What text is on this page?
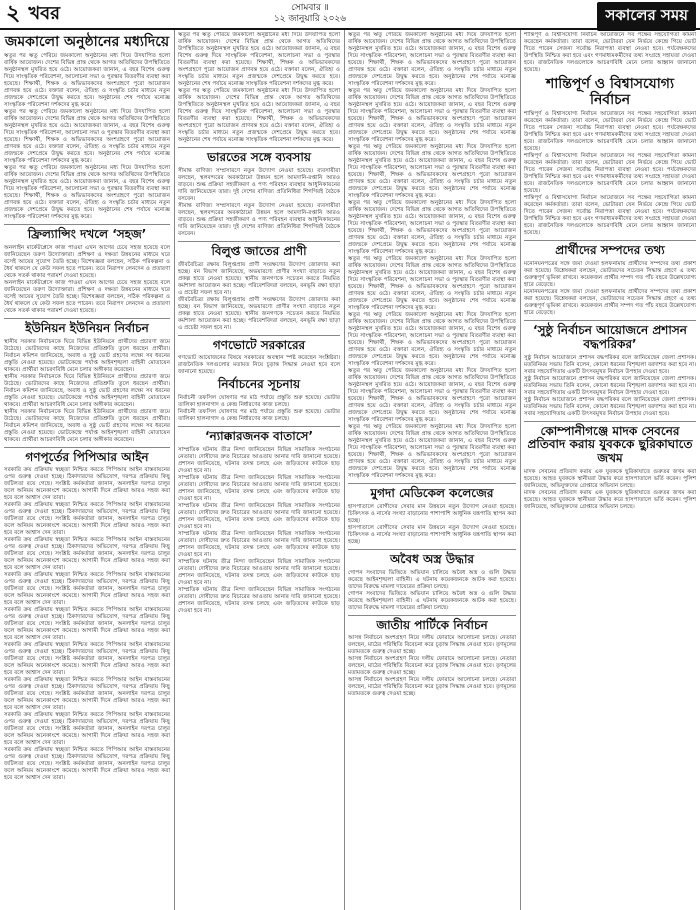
২ খবর	সোমবার ॥
১২ জানুয়ারি ২০২৬	সকালের সময়
জমকালো অনুষ্ঠানের মধ্যদিয়ে

ঋতুর পর ঋতু পেরিয়ে জমকালো অনুষ্ঠানের মধ্য দিয়ে উদযাপিত হলো বার্ষিক আয়োজন। দেশের বিভিন্ন প্রান্ত থেকে আগত অতিথিদের উপস্থিতিতে অনুষ্ঠানস্থল মুখরিত হয়ে ওঠে। আয়োজকরা জানান, এ বছর বিশেষ গুরুত্ব দিয়ে সাংস্কৃতিক পরিবেশনা, আলোচনা সভা ও পুরস্কার বিতরণীর ব্যবস্থা করা হয়েছে। শিক্ষার্থী, শিক্ষক ও অভিভাবকদের অংশগ্রহণে পুরো আয়োজন প্রাণবন্ত হয়ে ওঠে। বক্তারা বলেন, ঐতিহ্য ও সংস্কৃতি চর্চার মাধ্যমে নতুন প্রজন্মকে দেশপ্রেমে উদ্বুদ্ধ করতে হবে। অনুষ্ঠানের শেষ পর্যায়ে মনোজ্ঞ সাংস্কৃতিক পরিবেশনা দর্শকদের মুগ্ধ করে।

ঋতুর পর ঋতু পেরিয়ে জমকালো অনুষ্ঠানের মধ্য দিয়ে উদযাপিত হলো বার্ষিক আয়োজন। দেশের বিভিন্ন প্রান্ত থেকে আগত অতিথিদের উপস্থিতিতে অনুষ্ঠানস্থল মুখরিত হয়ে ওঠে। আয়োজকরা জানান, এ বছর বিশেষ গুরুত্ব দিয়ে সাংস্কৃতিক পরিবেশনা, আলোচনা সভা ও পুরস্কার বিতরণীর ব্যবস্থা করা হয়েছে। শিক্ষার্থী, শিক্ষক ও অভিভাবকদের অংশগ্রহণে পুরো আয়োজন প্রাণবন্ত হয়ে ওঠে। বক্তারা বলেন, ঐতিহ্য ও সংস্কৃতি চর্চার মাধ্যমে নতুন প্রজন্মকে দেশপ্রেমে উদ্বুদ্ধ করতে হবে। অনুষ্ঠানের শেষ পর্যায়ে মনোজ্ঞ সাংস্কৃতিক পরিবেশনা দর্শকদের মুগ্ধ করে।

ঋতুর পর ঋতু পেরিয়ে জমকালো অনুষ্ঠানের মধ্য দিয়ে উদযাপিত হলো বার্ষিক আয়োজন। দেশের বিভিন্ন প্রান্ত থেকে আগত অতিথিদের উপস্থিতিতে অনুষ্ঠানস্থল মুখরিত হয়ে ওঠে। আয়োজকরা জানান, এ বছর বিশেষ গুরুত্ব দিয়ে সাংস্কৃতিক পরিবেশনা, আলোচনা সভা ও পুরস্কার বিতরণীর ব্যবস্থা করা হয়েছে। শিক্ষার্থী, শিক্ষক ও অভিভাবকদের অংশগ্রহণে পুরো আয়োজন প্রাণবন্ত হয়ে ওঠে। বক্তারা বলেন, ঐতিহ্য ও সংস্কৃতি চর্চার মাধ্যমে নতুন প্রজন্মকে দেশপ্রেমে উদ্বুদ্ধ করতে হবে। অনুষ্ঠানের শেষ পর্যায়ে মনোজ্ঞ সাংস্কৃতিক পরিবেশনা দর্শকদের মুগ্ধ করে।

ফ্রিল্যান্সিং দখলে ‘সহজ’

অনলাইন মার্কেটপ্লেসে কাজ পাওয়া এখন আগের চেয়ে সহজ হয়েছে বলে জানিয়েছেন তরুণ উদ্যোক্তারা। প্রশিক্ষণ ও দক্ষতা উন্নয়নের মাধ্যমে ঘরে বসেই আয়ের সুযোগ তৈরি হচ্ছে। বিশেষজ্ঞরা বলছেন, সঠিক পরিকল্পনা ও ধৈর্য থাকলে যে কেউ সফল হতে পারেন। তবে নিরাপদ লেনদেন ও প্রতারণা থেকে সতর্ক থাকার পরামর্শ দেওয়া হয়েছে।

অনলাইন মার্কেটপ্লেসে কাজ পাওয়া এখন আগের চেয়ে সহজ হয়েছে বলে জানিয়েছেন তরুণ উদ্যোক্তারা। প্রশিক্ষণ ও দক্ষতা উন্নয়নের মাধ্যমে ঘরে বসেই আয়ের সুযোগ তৈরি হচ্ছে। বিশেষজ্ঞরা বলছেন, সঠিক পরিকল্পনা ও ধৈর্য থাকলে যে কেউ সফল হতে পারেন। তবে নিরাপদ লেনদেন ও প্রতারণা থেকে সতর্ক থাকার পরামর্শ দেওয়া হয়েছে।

ইউনিয়ন ইউনিয়ন নির্বাচন

স্থানীয় সরকার নির্বাচনকে ঘিরে বিভিন্ন ইউনিয়নে প্রার্থীদের প্রচারণা জমে উঠেছে। ভোটারদের কাছে নিজেদের প্রতিশ্রুতি তুলে ধরছেন প্রার্থীরা। নির্বাচন কমিশন জানিয়েছে, অবাধ ও সুষ্ঠু ভোট গ্রহণের লক্ষ্যে সব ধরনের প্রস্তুতি নেওয়া হয়েছে। ভোটকেন্দ্রে পর্যাপ্ত আইনশৃঙ্খলা বাহিনী মোতায়েন থাকবে। প্রার্থীরা আচরণবিধি মেনে চলার অঙ্গীকার করেছেন।

স্থানীয় সরকার নির্বাচনকে ঘিরে বিভিন্ন ইউনিয়নে প্রার্থীদের প্রচারণা জমে উঠেছে। ভোটারদের কাছে নিজেদের প্রতিশ্রুতি তুলে ধরছেন প্রার্থীরা। নির্বাচন কমিশন জানিয়েছে, অবাধ ও সুষ্ঠু ভোট গ্রহণের লক্ষ্যে সব ধরনের প্রস্তুতি নেওয়া হয়েছে। ভোটকেন্দ্রে পর্যাপ্ত আইনশৃঙ্খলা বাহিনী মোতায়েন থাকবে। প্রার্থীরা আচরণবিধি মেনে চলার অঙ্গীকার করেছেন।

স্থানীয় সরকার নির্বাচনকে ঘিরে বিভিন্ন ইউনিয়নে প্রার্থীদের প্রচারণা জমে উঠেছে। ভোটারদের কাছে নিজেদের প্রতিশ্রুতি তুলে ধরছেন প্রার্থীরা। নির্বাচন কমিশন জানিয়েছে, অবাধ ও সুষ্ঠু ভোট গ্রহণের লক্ষ্যে সব ধরনের প্রস্তুতি নেওয়া হয়েছে। ভোটকেন্দ্রে পর্যাপ্ত আইনশৃঙ্খলা বাহিনী মোতায়েন থাকবে। প্রার্থীরা আচরণবিধি মেনে চলার অঙ্গীকার করেছেন।

গণপূর্তের পিপিআর আইন

সরকারি ক্রয় প্রক্রিয়ায় স্বচ্ছতা নিশ্চিত করতে পিপিআর আইন বাস্তবায়নের ওপর গুরুত্ব দেওয়া হচ্ছে। ঠিকাদারদের অভিযোগ, দরপত্র প্রক্রিয়ায় কিছু জটিলতা রয়ে গেছে। সংশ্লিষ্ট কর্মকর্তারা জানান, অনলাইন দরপত্র চালুর ফলে অনিয়ম অনেকাংশে কমেছে। আগামী দিনে প্রক্রিয়া আরও সহজ করা হবে বলে আশ্বাস দেন তারা।

সরকারি ক্রয় প্রক্রিয়ায় স্বচ্ছতা নিশ্চিত করতে পিপিআর আইন বাস্তবায়নের ওপর গুরুত্ব দেওয়া হচ্ছে। ঠিকাদারদের অভিযোগ, দরপত্র প্রক্রিয়ায় কিছু জটিলতা রয়ে গেছে। সংশ্লিষ্ট কর্মকর্তারা জানান, অনলাইন দরপত্র চালুর ফলে অনিয়ম অনেকাংশে কমেছে। আগামী দিনে প্রক্রিয়া আরও সহজ করা হবে বলে আশ্বাস দেন তারা।

সরকারি ক্রয় প্রক্রিয়ায় স্বচ্ছতা নিশ্চিত করতে পিপিআর আইন বাস্তবায়নের ওপর গুরুত্ব দেওয়া হচ্ছে। ঠিকাদারদের অভিযোগ, দরপত্র প্রক্রিয়ায় কিছু জটিলতা রয়ে গেছে। সংশ্লিষ্ট কর্মকর্তারা জানান, অনলাইন দরপত্র চালুর ফলে অনিয়ম অনেকাংশে কমেছে। আগামী দিনে প্রক্রিয়া আরও সহজ করা হবে বলে আশ্বাস দেন তারা।

সরকারি ক্রয় প্রক্রিয়ায় স্বচ্ছতা নিশ্চিত করতে পিপিআর আইন বাস্তবায়নের ওপর গুরুত্ব দেওয়া হচ্ছে। ঠিকাদারদের অভিযোগ, দরপত্র প্রক্রিয়ায় কিছু জটিলতা রয়ে গেছে। সংশ্লিষ্ট কর্মকর্তারা জানান, অনলাইন দরপত্র চালুর ফলে অনিয়ম অনেকাংশে কমেছে। আগামী দিনে প্রক্রিয়া আরও সহজ করা হবে বলে আশ্বাস দেন তারা।

সরকারি ক্রয় প্রক্রিয়ায় স্বচ্ছতা নিশ্চিত করতে পিপিআর আইন বাস্তবায়নের ওপর গুরুত্ব দেওয়া হচ্ছে। ঠিকাদারদের অভিযোগ, দরপত্র প্রক্রিয়ায় কিছু জটিলতা রয়ে গেছে। সংশ্লিষ্ট কর্মকর্তারা জানান, অনলাইন দরপত্র চালুর ফলে অনিয়ম অনেকাংশে কমেছে। আগামী দিনে প্রক্রিয়া আরও সহজ করা হবে বলে আশ্বাস দেন তারা।

সরকারি ক্রয় প্রক্রিয়ায় স্বচ্ছতা নিশ্চিত করতে পিপিআর আইন বাস্তবায়নের ওপর গুরুত্ব দেওয়া হচ্ছে। ঠিকাদারদের অভিযোগ, দরপত্র প্রক্রিয়ায় কিছু জটিলতা রয়ে গেছে। সংশ্লিষ্ট কর্মকর্তারা জানান, অনলাইন দরপত্র চালুর ফলে অনিয়ম অনেকাংশে কমেছে। আগামী দিনে প্রক্রিয়া আরও সহজ করা হবে বলে আশ্বাস দেন তারা।

সরকারি ক্রয় প্রক্রিয়ায় স্বচ্ছতা নিশ্চিত করতে পিপিআর আইন বাস্তবায়নের ওপর গুরুত্ব দেওয়া হচ্ছে। ঠিকাদারদের অভিযোগ, দরপত্র প্রক্রিয়ায় কিছু জটিলতা রয়ে গেছে। সংশ্লিষ্ট কর্মকর্তারা জানান, অনলাইন দরপত্র চালুর ফলে অনিয়ম অনেকাংশে কমেছে। আগামী দিনে প্রক্রিয়া আরও সহজ করা হবে বলে আশ্বাস দেন তারা।

সরকারি ক্রয় প্রক্রিয়ায় স্বচ্ছতা নিশ্চিত করতে পিপিআর আইন বাস্তবায়নের ওপর গুরুত্ব দেওয়া হচ্ছে। ঠিকাদারদের অভিযোগ, দরপত্র প্রক্রিয়ায় কিছু জটিলতা রয়ে গেছে। সংশ্লিষ্ট কর্মকর্তারা জানান, অনলাইন দরপত্র চালুর ফলে অনিয়ম অনেকাংশে কমেছে। আগামী দিনে প্রক্রিয়া আরও সহজ করা হবে বলে আশ্বাস দেন তারা।

সরকারি ক্রয় প্রক্রিয়ায় স্বচ্ছতা নিশ্চিত করতে পিপিআর আইন বাস্তবায়নের ওপর গুরুত্ব দেওয়া হচ্ছে। ঠিকাদারদের অভিযোগ, দরপত্র প্রক্রিয়ায় কিছু জটিলতা রয়ে গেছে। সংশ্লিষ্ট কর্মকর্তারা জানান, অনলাইন দরপত্র চালুর ফলে অনিয়ম অনেকাংশে কমেছে। আগামী দিনে প্রক্রিয়া আরও সহজ করা হবে বলে আশ্বাস দেন তারা।

ঋতুর পর ঋতু পেরিয়ে জমকালো অনুষ্ঠানের মধ্য দিয়ে উদযাপিত হলো বার্ষিক আয়োজন। দেশের বিভিন্ন প্রান্ত থেকে আগত অতিথিদের উপস্থিতিতে অনুষ্ঠানস্থল মুখরিত হয়ে ওঠে। আয়োজকরা জানান, এ বছর বিশেষ গুরুত্ব দিয়ে সাংস্কৃতিক পরিবেশনা, আলোচনা সভা ও পুরস্কার বিতরণীর ব্যবস্থা করা হয়েছে। শিক্ষার্থী, শিক্ষক ও অভিভাবকদের অংশগ্রহণে পুরো আয়োজন প্রাণবন্ত হয়ে ওঠে। বক্তারা বলেন, ঐতিহ্য ও সংস্কৃতি চর্চার মাধ্যমে নতুন প্রজন্মকে দেশপ্রেমে উদ্বুদ্ধ করতে হবে। অনুষ্ঠানের শেষ পর্যায়ে মনোজ্ঞ সাংস্কৃতিক পরিবেশনা দর্শকদের মুগ্ধ করে।

ঋতুর পর ঋতু পেরিয়ে জমকালো অনুষ্ঠানের মধ্য দিয়ে উদযাপিত হলো বার্ষিক আয়োজন। দেশের বিভিন্ন প্রান্ত থেকে আগত অতিথিদের উপস্থিতিতে অনুষ্ঠানস্থল মুখরিত হয়ে ওঠে। আয়োজকরা জানান, এ বছর বিশেষ গুরুত্ব দিয়ে সাংস্কৃতিক পরিবেশনা, আলোচনা সভা ও পুরস্কার বিতরণীর ব্যবস্থা করা হয়েছে। শিক্ষার্থী, শিক্ষক ও অভিভাবকদের অংশগ্রহণে পুরো আয়োজন প্রাণবন্ত হয়ে ওঠে। বক্তারা বলেন, ঐতিহ্য ও সংস্কৃতি চর্চার মাধ্যমে নতুন প্রজন্মকে দেশপ্রেমে উদ্বুদ্ধ করতে হবে। অনুষ্ঠানের শেষ পর্যায়ে মনোজ্ঞ সাংস্কৃতিক পরিবেশনা দর্শকদের মুগ্ধ করে।

ভারতের সঙ্গে ব্যবসায়

সীমান্ত বাণিজ্য সম্প্রসারণে নতুন উদ্যোগ নেওয়া হয়েছে। ব্যবসায়ীরা বলছেন, স্থলবন্দরের অবকাঠামো উন্নয়ন হলে আমদানি-রপ্তানি আরও বাড়বে। শুল্ক প্রক্রিয়া সহজীকরণ ও পণ্য পরিবহন ব্যবস্থার আধুনিকায়নের দাবি জানিয়েছেন তারা। দুই দেশের বাণিজ্য প্রতিনিধিরা শিগগিরই বৈঠকে বসবেন।

সীমান্ত বাণিজ্য সম্প্রসারণে নতুন উদ্যোগ নেওয়া হয়েছে। ব্যবসায়ীরা বলছেন, স্থলবন্দরের অবকাঠামো উন্নয়ন হলে আমদানি-রপ্তানি আরও বাড়বে। শুল্ক প্রক্রিয়া সহজীকরণ ও পণ্য পরিবহন ব্যবস্থার আধুনিকায়নের দাবি জানিয়েছেন তারা। দুই দেশের বাণিজ্য প্রতিনিধিরা শিগগিরই বৈঠকে বসবেন।

বিলুপ্ত জাতের প্রাণী

জীববৈচিত্র্য রক্ষায় বিলুপ্তপ্রায় প্রাণী সংরক্ষণের উদ্যোগ জোরদার করা হচ্ছে। বন বিভাগ জানিয়েছে, অভয়ারণ্যে প্রাণীর সংখ্যা বাড়াতে নতুন প্রকল্প হাতে নেওয়া হয়েছে। স্থানীয় জনগণকে সচেতন করতে নিয়মিত কর্মশালা আয়োজন করা হচ্ছে। পরিবেশবিদরা বলছেন, বনভূমি রক্ষা ছাড়া এ প্রচেষ্টা সফল হবে না।

জীববৈচিত্র্য রক্ষায় বিলুপ্তপ্রায় প্রাণী সংরক্ষণের উদ্যোগ জোরদার করা হচ্ছে। বন বিভাগ জানিয়েছে, অভয়ারণ্যে প্রাণীর সংখ্যা বাড়াতে নতুন প্রকল্প হাতে নেওয়া হয়েছে। স্থানীয় জনগণকে সচেতন করতে নিয়মিত কর্মশালা আয়োজন করা হচ্ছে। পরিবেশবিদরা বলছেন, বনভূমি রক্ষা ছাড়া এ প্রচেষ্টা সফল হবে না।

গণভোটে সরকারের

গণভোট আয়োজনের বিষয়ে সরকারের অবস্থান স্পষ্ট করেছেন সংশ্লিষ্টরা। রাজনৈতিক দলগুলোর মতামত নিয়ে চূড়ান্ত সিদ্ধান্ত নেওয়া হবে বলে জানানো হয়েছে।

নির্বাচনের সূচনায়

নির্বাচনী তফসিল ঘোষণার পর মাঠ পর্যায়ে প্রস্তুতি শুরু হয়েছে। ভোটার তালিকা হালনাগাদ ও কেন্দ্র নির্ধারণের কাজ চলছে।

নির্বাচনী তফসিল ঘোষণার পর মাঠ পর্যায়ে প্রস্তুতি শুরু হয়েছে। ভোটার তালিকা হালনাগাদ ও কেন্দ্র নির্ধারণের কাজ চলছে।

‘ন্যাক্কারজনক বাতাসে’

সাম্প্রতিক ঘটনায় তীব্র নিন্দা জানিয়েছেন বিভিন্ন সামাজিক সংগঠনের নেতারা। দোষীদের দ্রুত বিচারের আওতায় আনার দাবি জানানো হয়েছে। প্রশাসন জানিয়েছে, ঘটনার তদন্ত চলছে এবং জড়িতদের কাউকে ছাড় দেওয়া হবে না।

সাম্প্রতিক ঘটনায় তীব্র নিন্দা জানিয়েছেন বিভিন্ন সামাজিক সংগঠনের নেতারা। দোষীদের দ্রুত বিচারের আওতায় আনার দাবি জানানো হয়েছে। প্রশাসন জানিয়েছে, ঘটনার তদন্ত চলছে এবং জড়িতদের কাউকে ছাড় দেওয়া হবে না।

সাম্প্রতিক ঘটনায় তীব্র নিন্দা জানিয়েছেন বিভিন্ন সামাজিক সংগঠনের নেতারা। দোষীদের দ্রুত বিচারের আওতায় আনার দাবি জানানো হয়েছে। প্রশাসন জানিয়েছে, ঘটনার তদন্ত চলছে এবং জড়িতদের কাউকে ছাড় দেওয়া হবে না।

সাম্প্রতিক ঘটনায় তীব্র নিন্দা জানিয়েছেন বিভিন্ন সামাজিক সংগঠনের নেতারা। দোষীদের দ্রুত বিচারের আওতায় আনার দাবি জানানো হয়েছে। প্রশাসন জানিয়েছে, ঘটনার তদন্ত চলছে এবং জড়িতদের কাউকে ছাড় দেওয়া হবে না।

সাম্প্রতিক ঘটনায় তীব্র নিন্দা জানিয়েছেন বিভিন্ন সামাজিক সংগঠনের নেতারা। দোষীদের দ্রুত বিচারের আওতায় আনার দাবি জানানো হয়েছে। প্রশাসন জানিয়েছে, ঘটনার তদন্ত চলছে এবং জড়িতদের কাউকে ছাড় দেওয়া হবে না।

সাম্প্রতিক ঘটনায় তীব্র নিন্দা জানিয়েছেন বিভিন্ন সামাজিক সংগঠনের নেতারা। দোষীদের দ্রুত বিচারের আওতায় আনার দাবি জানানো হয়েছে। প্রশাসন জানিয়েছে, ঘটনার তদন্ত চলছে এবং জড়িতদের কাউকে ছাড় দেওয়া হবে না।

ঋতুর পর ঋতু পেরিয়ে জমকালো অনুষ্ঠানের মধ্য দিয়ে উদযাপিত হলো বার্ষিক আয়োজন। দেশের বিভিন্ন প্রান্ত থেকে আগত অতিথিদের উপস্থিতিতে অনুষ্ঠানস্থল মুখরিত হয়ে ওঠে। আয়োজকরা জানান, এ বছর বিশেষ গুরুত্ব দিয়ে সাংস্কৃতিক পরিবেশনা, আলোচনা সভা ও পুরস্কার বিতরণীর ব্যবস্থা করা হয়েছে। শিক্ষার্থী, শিক্ষক ও অভিভাবকদের অংশগ্রহণে পুরো আয়োজন প্রাণবন্ত হয়ে ওঠে। বক্তারা বলেন, ঐতিহ্য ও সংস্কৃতি চর্চার মাধ্যমে নতুন প্রজন্মকে দেশপ্রেমে উদ্বুদ্ধ করতে হবে। অনুষ্ঠানের শেষ পর্যায়ে মনোজ্ঞ সাংস্কৃতিক পরিবেশনা দর্শকদের মুগ্ধ করে।

ঋতুর পর ঋতু পেরিয়ে জমকালো অনুষ্ঠানের মধ্য দিয়ে উদযাপিত হলো বার্ষিক আয়োজন। দেশের বিভিন্ন প্রান্ত থেকে আগত অতিথিদের উপস্থিতিতে অনুষ্ঠানস্থল মুখরিত হয়ে ওঠে। আয়োজকরা জানান, এ বছর বিশেষ গুরুত্ব দিয়ে সাংস্কৃতিক পরিবেশনা, আলোচনা সভা ও পুরস্কার বিতরণীর ব্যবস্থা করা হয়েছে। শিক্ষার্থী, শিক্ষক ও অভিভাবকদের অংশগ্রহণে পুরো আয়োজন প্রাণবন্ত হয়ে ওঠে। বক্তারা বলেন, ঐতিহ্য ও সংস্কৃতি চর্চার মাধ্যমে নতুন প্রজন্মকে দেশপ্রেমে উদ্বুদ্ধ করতে হবে। অনুষ্ঠানের শেষ পর্যায়ে মনোজ্ঞ সাংস্কৃতিক পরিবেশনা দর্শকদের মুগ্ধ করে।

ঋতুর পর ঋতু পেরিয়ে জমকালো অনুষ্ঠানের মধ্য দিয়ে উদযাপিত হলো বার্ষিক আয়োজন। দেশের বিভিন্ন প্রান্ত থেকে আগত অতিথিদের উপস্থিতিতে অনুষ্ঠানস্থল মুখরিত হয়ে ওঠে। আয়োজকরা জানান, এ বছর বিশেষ গুরুত্ব দিয়ে সাংস্কৃতিক পরিবেশনা, আলোচনা সভা ও পুরস্কার বিতরণীর ব্যবস্থা করা হয়েছে। শিক্ষার্থী, শিক্ষক ও অভিভাবকদের অংশগ্রহণে পুরো আয়োজন প্রাণবন্ত হয়ে ওঠে। বক্তারা বলেন, ঐতিহ্য ও সংস্কৃতি চর্চার মাধ্যমে নতুন প্রজন্মকে দেশপ্রেমে উদ্বুদ্ধ করতে হবে। অনুষ্ঠানের শেষ পর্যায়ে মনোজ্ঞ সাংস্কৃতিক পরিবেশনা দর্শকদের মুগ্ধ করে।

ঋতুর পর ঋতু পেরিয়ে জমকালো অনুষ্ঠানের মধ্য দিয়ে উদযাপিত হলো বার্ষিক আয়োজন। দেশের বিভিন্ন প্রান্ত থেকে আগত অতিথিদের উপস্থিতিতে অনুষ্ঠানস্থল মুখরিত হয়ে ওঠে। আয়োজকরা জানান, এ বছর বিশেষ গুরুত্ব দিয়ে সাংস্কৃতিক পরিবেশনা, আলোচনা সভা ও পুরস্কার বিতরণীর ব্যবস্থা করা হয়েছে। শিক্ষার্থী, শিক্ষক ও অভিভাবকদের অংশগ্রহণে পুরো আয়োজন প্রাণবন্ত হয়ে ওঠে। বক্তারা বলেন, ঐতিহ্য ও সংস্কৃতি চর্চার মাধ্যমে নতুন প্রজন্মকে দেশপ্রেমে উদ্বুদ্ধ করতে হবে। অনুষ্ঠানের শেষ পর্যায়ে মনোজ্ঞ সাংস্কৃতিক পরিবেশনা দর্শকদের মুগ্ধ করে।

ঋতুর পর ঋতু পেরিয়ে জমকালো অনুষ্ঠানের মধ্য দিয়ে উদযাপিত হলো বার্ষিক আয়োজন। দেশের বিভিন্ন প্রান্ত থেকে আগত অতিথিদের উপস্থিতিতে অনুষ্ঠানস্থল মুখরিত হয়ে ওঠে। আয়োজকরা জানান, এ বছর বিশেষ গুরুত্ব দিয়ে সাংস্কৃতিক পরিবেশনা, আলোচনা সভা ও পুরস্কার বিতরণীর ব্যবস্থা করা হয়েছে। শিক্ষার্থী, শিক্ষক ও অভিভাবকদের অংশগ্রহণে পুরো আয়োজন প্রাণবন্ত হয়ে ওঠে। বক্তারা বলেন, ঐতিহ্য ও সংস্কৃতি চর্চার মাধ্যমে নতুন প্রজন্মকে দেশপ্রেমে উদ্বুদ্ধ করতে হবে। অনুষ্ঠানের শেষ পর্যায়ে মনোজ্ঞ সাংস্কৃতিক পরিবেশনা দর্শকদের মুগ্ধ করে।

ঋতুর পর ঋতু পেরিয়ে জমকালো অনুষ্ঠানের মধ্য দিয়ে উদযাপিত হলো বার্ষিক আয়োজন। দেশের বিভিন্ন প্রান্ত থেকে আগত অতিথিদের উপস্থিতিতে অনুষ্ঠানস্থল মুখরিত হয়ে ওঠে। আয়োজকরা জানান, এ বছর বিশেষ গুরুত্ব দিয়ে সাংস্কৃতিক পরিবেশনা, আলোচনা সভা ও পুরস্কার বিতরণীর ব্যবস্থা করা হয়েছে। শিক্ষার্থী, শিক্ষক ও অভিভাবকদের অংশগ্রহণে পুরো আয়োজন প্রাণবন্ত হয়ে ওঠে। বক্তারা বলেন, ঐতিহ্য ও সংস্কৃতি চর্চার মাধ্যমে নতুন প্রজন্মকে দেশপ্রেমে উদ্বুদ্ধ করতে হবে। অনুষ্ঠানের শেষ পর্যায়ে মনোজ্ঞ সাংস্কৃতিক পরিবেশনা দর্শকদের মুগ্ধ করে।

ঋতুর পর ঋতু পেরিয়ে জমকালো অনুষ্ঠানের মধ্য দিয়ে উদযাপিত হলো বার্ষিক আয়োজন। দেশের বিভিন্ন প্রান্ত থেকে আগত অতিথিদের উপস্থিতিতে অনুষ্ঠানস্থল মুখরিত হয়ে ওঠে। আয়োজকরা জানান, এ বছর বিশেষ গুরুত্ব দিয়ে সাংস্কৃতিক পরিবেশনা, আলোচনা সভা ও পুরস্কার বিতরণীর ব্যবস্থা করা হয়েছে। শিক্ষার্থী, শিক্ষক ও অভিভাবকদের অংশগ্রহণে পুরো আয়োজন প্রাণবন্ত হয়ে ওঠে। বক্তারা বলেন, ঐতিহ্য ও সংস্কৃতি চর্চার মাধ্যমে নতুন প্রজন্মকে দেশপ্রেমে উদ্বুদ্ধ করতে হবে। অনুষ্ঠানের শেষ পর্যায়ে মনোজ্ঞ সাংস্কৃতিক পরিবেশনা দর্শকদের মুগ্ধ করে।

ঋতুর পর ঋতু পেরিয়ে জমকালো অনুষ্ঠানের মধ্য দিয়ে উদযাপিত হলো বার্ষিক আয়োজন। দেশের বিভিন্ন প্রান্ত থেকে আগত অতিথিদের উপস্থিতিতে অনুষ্ঠানস্থল মুখরিত হয়ে ওঠে। আয়োজকরা জানান, এ বছর বিশেষ গুরুত্ব দিয়ে সাংস্কৃতিক পরিবেশনা, আলোচনা সভা ও পুরস্কার বিতরণীর ব্যবস্থা করা হয়েছে। শিক্ষার্থী, শিক্ষক ও অভিভাবকদের অংশগ্রহণে পুরো আয়োজন প্রাণবন্ত হয়ে ওঠে। বক্তারা বলেন, ঐতিহ্য ও সংস্কৃতি চর্চার মাধ্যমে নতুন প্রজন্মকে দেশপ্রেমে উদ্বুদ্ধ করতে হবে। অনুষ্ঠানের শেষ পর্যায়ে মনোজ্ঞ সাংস্কৃতিক পরিবেশনা দর্শকদের মুগ্ধ করে।

মুগদা মেডিকেল কলেজের

হাসপাতালে রোগীদের সেবার মান উন্নয়নে নতুন উদ্যোগ নেওয়া হয়েছে। চিকিৎসক ও নার্সের সংখ্যা বাড়ানোর পাশাপাশি আধুনিক যন্ত্রপাতি স্থাপন করা হচ্ছে।

হাসপাতালে রোগীদের সেবার মান উন্নয়নে নতুন উদ্যোগ নেওয়া হয়েছে। চিকিৎসক ও নার্সের সংখ্যা বাড়ানোর পাশাপাশি আধুনিক যন্ত্রপাতি স্থাপন করা হচ্ছে।

অবৈধ অস্ত্র উদ্ধার

গোপন সংবাদের ভিত্তিতে অভিযান চালিয়ে অবৈধ অস্ত্র ও গুলি উদ্ধার করেছে আইনশৃঙ্খলা বাহিনী। এ ঘটনায় কয়েকজনকে আটক করা হয়েছে। তাদের বিরুদ্ধে মামলা দায়েরের প্রক্রিয়া চলছে।

গোপন সংবাদের ভিত্তিতে অভিযান চালিয়ে অবৈধ অস্ত্র ও গুলি উদ্ধার করেছে আইনশৃঙ্খলা বাহিনী। এ ঘটনায় কয়েকজনকে আটক করা হয়েছে। তাদের বিরুদ্ধে মামলা দায়েরের প্রক্রিয়া চলছে।

জাতীয় পার্টিকে নির্বাচন

আসন্ন নির্বাচনে অংশগ্রহণ নিয়ে দলীয় ফোরামে আলোচনা চলছে। নেতারা বলছেন, মাঠের পরিস্থিতি বিবেচনা করে চূড়ান্ত সিদ্ধান্ত নেওয়া হবে। তৃণমূলের মতামতকে গুরুত্ব দেওয়া হচ্ছে।

আসন্ন নির্বাচনে অংশগ্রহণ নিয়ে দলীয় ফোরামে আলোচনা চলছে। নেতারা বলছেন, মাঠের পরিস্থিতি বিবেচনা করে চূড়ান্ত সিদ্ধান্ত নেওয়া হবে। তৃণমূলের মতামতকে গুরুত্ব দেওয়া হচ্ছে।

আসন্ন নির্বাচনে অংশগ্রহণ নিয়ে দলীয় ফোরামে আলোচনা চলছে। নেতারা বলছেন, মাঠের পরিস্থিতি বিবেচনা করে চূড়ান্ত সিদ্ধান্ত নেওয়া হবে। তৃণমূলের মতামতকে গুরুত্ব দেওয়া হচ্ছে।

শান্তিপূর্ণ ও বিশ্বাসযোগ্য নির্বাচন আয়োজনে সব পক্ষের সহযোগিতা কামনা করেছেন কর্মকর্তারা। তারা বলেন, ভোটাররা যেন নির্ভয়ে কেন্দ্রে গিয়ে ভোট দিতে পারেন সেজন্য সর্বোচ্চ নিরাপত্তা ব্যবস্থা নেওয়া হবে। পর্যবেক্ষকদের উপস্থিতি নিশ্চিত করা হবে এবং গণমাধ্যমকর্মীদের তথ্য সংগ্রহে সহায়তা দেওয়া হবে। রাজনৈতিক দলগুলোকে আচরণবিধি মেনে চলার আহ্বান জানানো হয়েছে।

শান্তিপূর্ণ ও বিশ্বাসযোগ্য নির্বাচন

শান্তিপূর্ণ ও বিশ্বাসযোগ্য নির্বাচন আয়োজনে সব পক্ষের সহযোগিতা কামনা করেছেন কর্মকর্তারা। তারা বলেন, ভোটাররা যেন নির্ভয়ে কেন্দ্রে গিয়ে ভোট দিতে পারেন সেজন্য সর্বোচ্চ নিরাপত্তা ব্যবস্থা নেওয়া হবে। পর্যবেক্ষকদের উপস্থিতি নিশ্চিত করা হবে এবং গণমাধ্যমকর্মীদের তথ্য সংগ্রহে সহায়তা দেওয়া হবে। রাজনৈতিক দলগুলোকে আচরণবিধি মেনে চলার আহ্বান জানানো হয়েছে।

শান্তিপূর্ণ ও বিশ্বাসযোগ্য নির্বাচন আয়োজনে সব পক্ষের সহযোগিতা কামনা করেছেন কর্মকর্তারা। তারা বলেন, ভোটাররা যেন নির্ভয়ে কেন্দ্রে গিয়ে ভোট দিতে পারেন সেজন্য সর্বোচ্চ নিরাপত্তা ব্যবস্থা নেওয়া হবে। পর্যবেক্ষকদের উপস্থিতি নিশ্চিত করা হবে এবং গণমাধ্যমকর্মীদের তথ্য সংগ্রহে সহায়তা দেওয়া হবে। রাজনৈতিক দলগুলোকে আচরণবিধি মেনে চলার আহ্বান জানানো হয়েছে।

শান্তিপূর্ণ ও বিশ্বাসযোগ্য নির্বাচন আয়োজনে সব পক্ষের সহযোগিতা কামনা করেছেন কর্মকর্তারা। তারা বলেন, ভোটাররা যেন নির্ভয়ে কেন্দ্রে গিয়ে ভোট দিতে পারেন সেজন্য সর্বোচ্চ নিরাপত্তা ব্যবস্থা নেওয়া হবে। পর্যবেক্ষকদের উপস্থিতি নিশ্চিত করা হবে এবং গণমাধ্যমকর্মীদের তথ্য সংগ্রহে সহায়তা দেওয়া হবে। রাজনৈতিক দলগুলোকে আচরণবিধি মেনে চলার আহ্বান জানানো হয়েছে।

প্রার্থীদের সম্পদের তথ্য

মনোনয়নপত্রের সঙ্গে জমা দেওয়া হলফনামায় প্রার্থীদের সম্পদের তথ্য প্রকাশ করা হয়েছে। বিশ্লেষকরা বলছেন, ভোটারদের সচেতন সিদ্ধান্ত গ্রহণে এ তথ্য গুরুত্বপূর্ণ ভূমিকা রাখবে। কয়েকজন প্রার্থীর সম্পদ গত পাঁচ বছরে উল্লেখযোগ্য হারে বেড়েছে।

মনোনয়নপত্রের সঙ্গে জমা দেওয়া হলফনামায় প্রার্থীদের সম্পদের তথ্য প্রকাশ করা হয়েছে। বিশ্লেষকরা বলছেন, ভোটারদের সচেতন সিদ্ধান্ত গ্রহণে এ তথ্য গুরুত্বপূর্ণ ভূমিকা রাখবে। কয়েকজন প্রার্থীর সম্পদ গত পাঁচ বছরে উল্লেখযোগ্য হারে বেড়েছে।

‘সুষ্ঠু নির্বাচন আয়োজনে প্রশাসন বদ্ধপরিকর’

সুষ্ঠু নির্বাচন আয়োজনে প্রশাসন বদ্ধপরিকর বলে জানিয়েছেন জেলা প্রশাসক। মতবিনিময় সভায় তিনি বলেন, কোনো ধরনের বিশৃঙ্খলা বরদাশত করা হবে না। সবার সহযোগিতায় একটি উৎসবমুখর নির্বাচন উপহার দেওয়া হবে।

সুষ্ঠু নির্বাচন আয়োজনে প্রশাসন বদ্ধপরিকর বলে জানিয়েছেন জেলা প্রশাসক। মতবিনিময় সভায় তিনি বলেন, কোনো ধরনের বিশৃঙ্খলা বরদাশত করা হবে না। সবার সহযোগিতায় একটি উৎসবমুখর নির্বাচন উপহার দেওয়া হবে।

সুষ্ঠু নির্বাচন আয়োজনে প্রশাসন বদ্ধপরিকর বলে জানিয়েছেন জেলা প্রশাসক। মতবিনিময় সভায় তিনি বলেন, কোনো ধরনের বিশৃঙ্খলা বরদাশত করা হবে না। সবার সহযোগিতায় একটি উৎসবমুখর নির্বাচন উপহার দেওয়া হবে।

কোম্পানীগঞ্জে মাদক সেবনের প্রতিবাদ করায় যুবককে ছুরিকাঘাতে জখম

মাদক সেবনের প্রতিবাদ করায় এক যুবককে ছুরিকাঘাতে গুরুতর জখম করা হয়েছে। আহত যুবককে স্থানীয়রা উদ্ধার করে হাসপাতালে ভর্তি করেন। পুলিশ জানিয়েছে, অভিযুক্তদের গ্রেপ্তারে অভিযান চলছে।

মাদক সেবনের প্রতিবাদ করায় এক যুবককে ছুরিকাঘাতে গুরুতর জখম করা হয়েছে। আহত যুবককে স্থানীয়রা উদ্ধার করে হাসপাতালে ভর্তি করেন। পুলিশ জানিয়েছে, অভিযুক্তদের গ্রেপ্তারে অভিযান চলছে।
